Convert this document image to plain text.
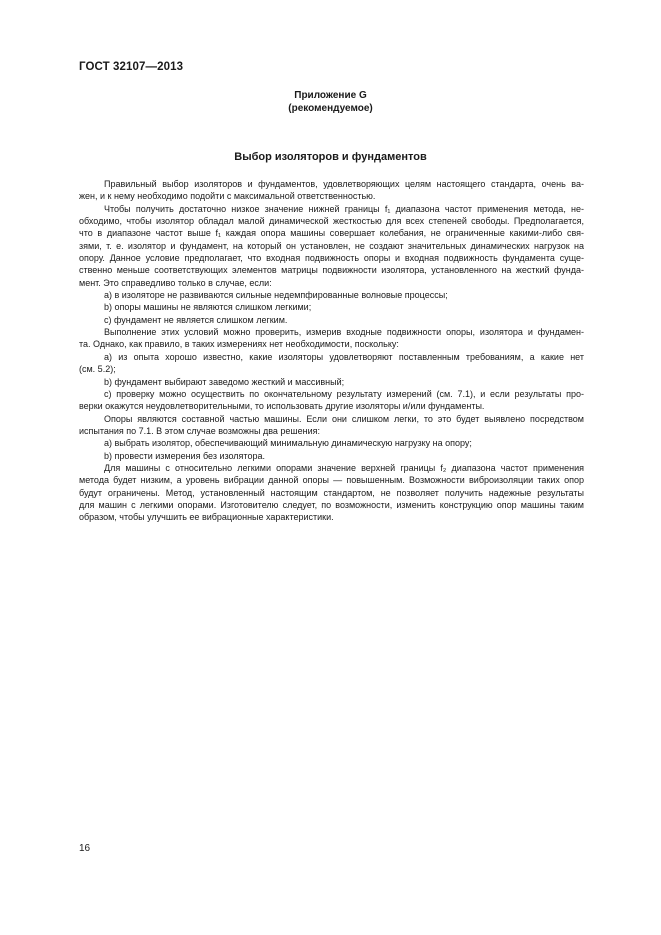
ГОСТ 32107—2013
Приложение G
(рекомендуемое)
Выбор изоляторов и фундаментов
Правильный выбор изоляторов и фундаментов, удовлетворяющих целям настоящего стандарта, очень ва-
жен, и к нему необходимо подойти с максимальной ответственностью.
Чтобы получить достаточно низкое значение нижней границы f₁ диапазона частот применения метода, не-
обходимо, чтобы изолятор обладал малой динамической жесткостью для всех степеней свободы. Предполагается,
что в диапазоне частот выше f₁ каждая опора машины совершает колебания, не ограниченные какими-либо свя-
зями, т. е. изолятор и фундамент, на который он установлен, не создают значительных динамических нагрузок на
опору. Данное условие предполагает, что входная подвижность опоры и входная подвижность фундамента суще-
ственно меньше соответствующих элементов матрицы подвижности изолятора, установленного на жесткий фунда-
мент. Это справедливо только в случае, если:
а) в изоляторе не развиваются сильные недемпфированные волновые процессы;
b) опоры машины не являются слишком легкими;
с) фундамент не является слишком легким.
Выполнение этих условий можно проверить, измерив входные подвижности опоры, изолятора и фундамен-
та. Однако, как правило, в таких измерениях нет необходимости, поскольку:
а) из опыта хорошо известно, какие изоляторы удовлетворяют поставленным требованиям, а какие нет
(см. 5.2);
b) фундамент выбирают заведомо жесткий и массивный;
с) проверку можно осуществить по окончательному результату измерений (см. 7.1), и если результаты про-
верки окажутся неудовлетворительными, то использовать другие изоляторы и/или фундаменты.
Опоры являются составной частью машины. Если они слишком легки, то это будет выявлено посредством
испытания по 7.1. В этом случае возможны два решения:
а) выбрать изолятор, обеспечивающий минимальную динамическую нагрузку на опору;
b) провести измерения без изолятора.
Для машины с относительно легкими опорами значение верхней границы f₂ диапазона частот применения
метода будет низким, а уровень вибрации данной опоры — повышенным. Возможности виброизоляции таких опор
будут ограничены. Метод, установленный настоящим стандартом, не позволяет получить надежные результаты
для машин с легкими опорами. Изготовителю следует, по возможности, изменить конструкцию опор машины таким
образом, чтобы улучшить ее вибрационные характеристики.
16
